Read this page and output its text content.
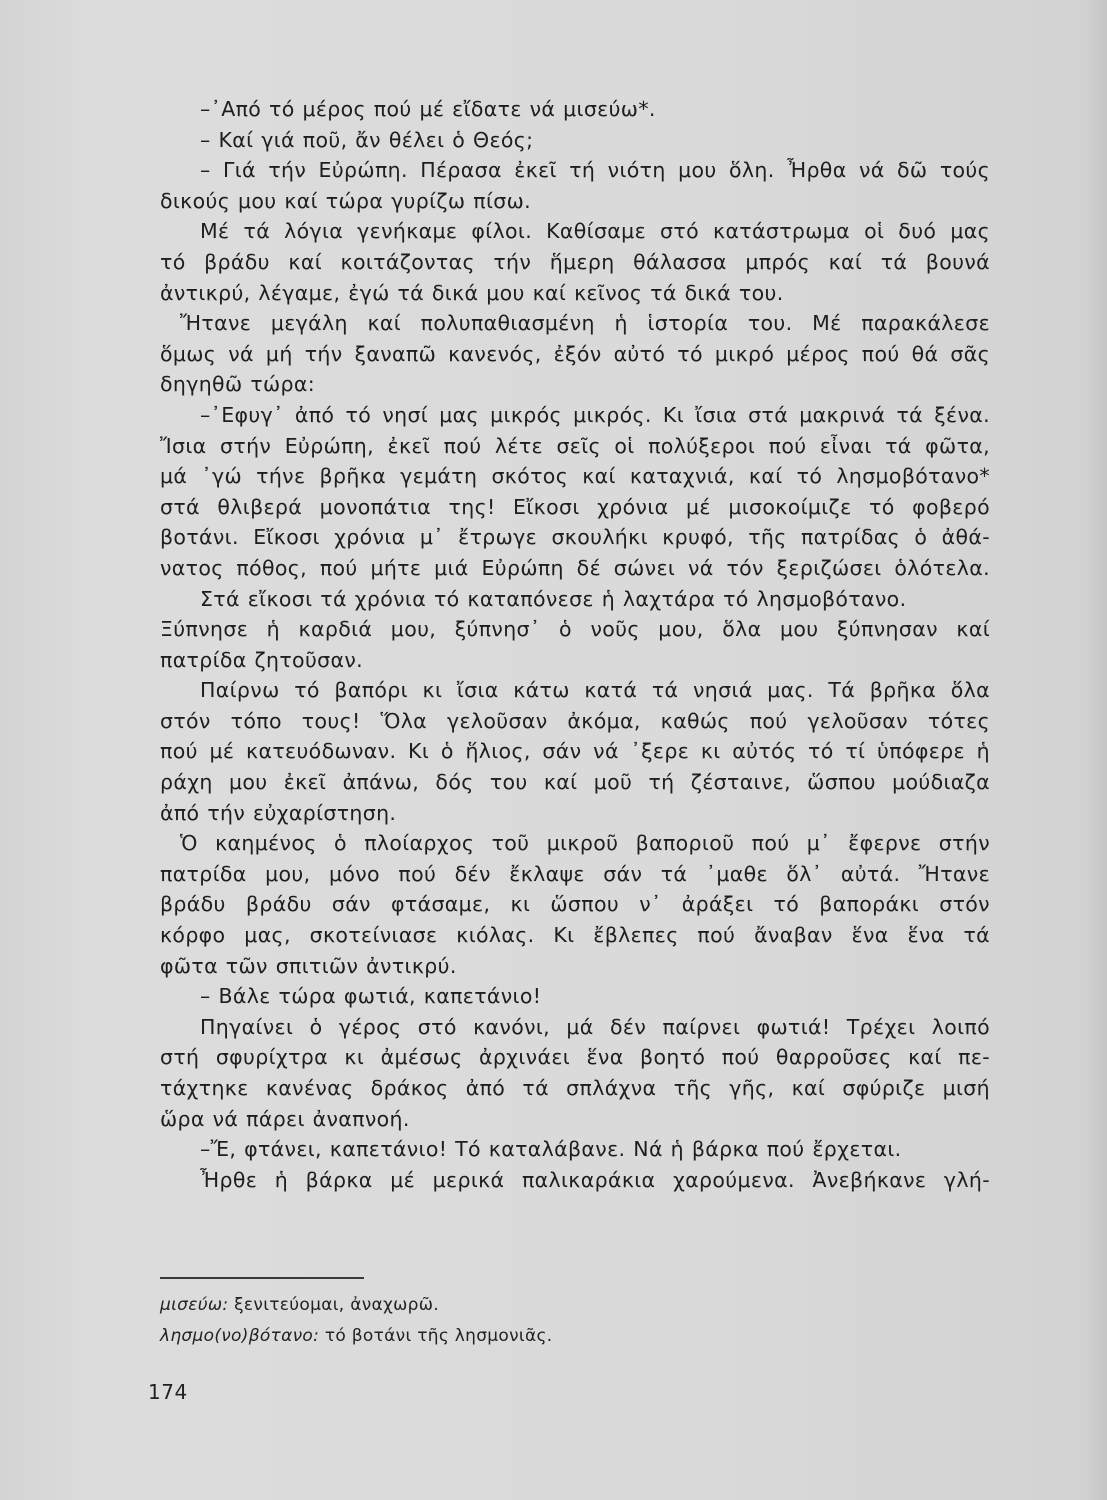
–᾽Από τό μέρος πού μέ εἴδατε νά μισεύω*.
– Καί γιά ποῦ, ἄν θέλει ὁ Θεός;
– Γιά τήν Εὐρώπη. Πέρασα ἐκεῖ τή νιότη μου ὅλη. Ἦρθα νά δῶ τούς
δικούς μου καί τώρα γυρίζω πίσω.
Μέ τά λόγια γενήκαμε φίλοι. Καθίσαμε στό κατάστρωμα οἱ δυό μας
τό βράδυ καί κοιτάζοντας τήν ἥμερη θάλασσα μπρός καί τά βουνά
ἀντικρύ, λέγαμε, ἐγώ τά δικά μου καί κεῖνος τά δικά του.
Ἤτανε μεγάλη καί πολυπαθιασμένη ἡ ἱστορία του. Μέ παρακάλεσε
ὅμως νά μή τήν ξαναπῶ κανενός, ἐξόν αὐτό τό μικρό μέρος πού θά σᾶς
δηγηθῶ τώρα:
–᾽Εφυγ᾽ ἀπό τό νησί μας μικρός μικρός. Κι ἴσια στά μακρινά τά ξένα.
Ἴσια στήν Εὐρώπη, ἐκεῖ πού λέτε σεῖς οἱ πολύξεροι πού εἶναι τά φῶτα,
μά ᾽γώ τήνε βρῆκα γεμάτη σκότος καί καταχνιά, καί τό λησμοβότανο*
στά θλιβερά μονοπάτια της! Εἴκοσι χρόνια μέ μισοκοίμιζε τό φοβερό
βοτάνι. Εἴκοσι χρόνια μ᾽ ἔτρωγε σκουλήκι κρυφό, τῆς πατρίδας ὁ ἀθά-
νατος πόθος, πού μήτε μιά Εὐρώπη δέ σώνει νά τόν ξεριζώσει ὁλότελα.
Στά εἴκοσι τά χρόνια τό καταπόνεσε ἡ λαχτάρα τό λησμοβότανο.
Ξύπνησε ἡ καρδιά μου, ξύπνησ᾽ ὁ νοῦς μου, ὅλα μου ξύπνησαν καί
πατρίδα ζητοῦσαν.
Παίρνω τό βαπόρι κι ἴσια κάτω κατά τά νησιά μας. Τά βρῆκα ὅλα
στόν τόπο τους! Ὅλα γελοῦσαν ἀκόμα, καθώς πού γελοῦσαν τότες
πού μέ κατευόδωναν. Κι ὁ ἥλιος, σάν νά ᾽ξερε κι αὐτός τό τί ὑπόφερε ἡ
ράχη μου ἐκεῖ ἀπάνω, δός του καί μοῦ τή ζέσταινε, ὥσπου μούδιαζα
ἀπό τήν εὐχαρίστηση.
Ὁ καημένος ὁ πλοίαρχος τοῦ μικροῦ βαποριοῦ πού μ᾽ ἔφερνε στήν
πατρίδα μου, μόνο πού δέν ἔκλαψε σάν τά ᾽μαθε ὅλ᾽ αὐτά. Ἤτανε
βράδυ βράδυ σάν φτάσαμε, κι ὥσπου ν᾽ ἀράξει τό βαποράκι στόν
κόρφο μας, σκοτείνιασε κιόλας. Κι ἔβλεπες πού ἄναβαν ἕνα ἕνα τά
φῶτα τῶν σπιτιῶν ἀντικρύ.
– Βάλε τώρα φωτιά, καπετάνιο!
Πηγαίνει ὁ γέρος στό κανόνι, μά δέν παίρνει φωτιά! Τρέχει λοιπό
στή σφυρίχτρα κι ἀμέσως ἀρχινάει ἕνα βοητό πού θαρροῦσες καί πε-
τάχτηκε κανένας δράκος ἀπό τά σπλάχνα τῆς γῆς, καί σφύριζε μισή
ὥρα νά πάρει ἀναπνοή.
–Ἔ, φτάνει, καπετάνιο! Τό καταλάβανε. Νά ἡ βάρκα πού ἔρχεται.
Ἦρθε ἡ βάρκα μέ μερικά παλικαράκια χαρούμενα. Ἀνεβήκανε γλή-
μισεύω: ξενιτεύομαι, ἀναχωρῶ.
λησμο(νο)βότανο: τό βοτάνι τῆς λησμονιᾶς.
174
